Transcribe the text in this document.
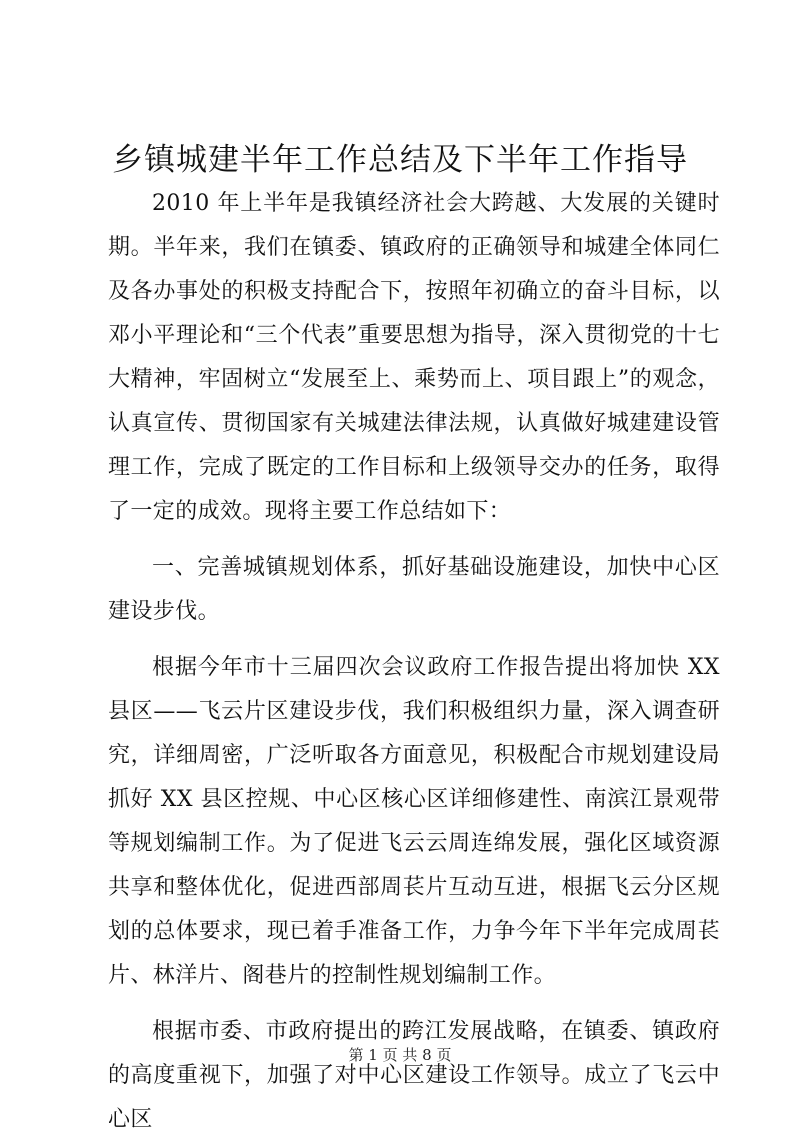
乡镇城建半年工作总结及下半年工作指导

2010 年上半年是我镇经济社会大跨越、大发展的关键时期。半年来，我们在镇委、镇政府的正确领导和城建全体同仁及各办事处的积极支持配合下，按照年初确立的奋斗目标，以邓小平理论和“三个代表”重要思想为指导，深入贯彻党的十七大精神，牢固树立“发展至上、乘势而上、项目跟上”的观念，认真宣传、贯彻国家有关城建法律法规，认真做好城建建设管理工作，完成了既定的工作目标和上级领导交办的任务，取得了一定的成效。现将主要工作总结如下：

一、完善城镇规划体系，抓好基础设施建设，加快中心区建设步伐。

根据今年市十三届四次会议政府工作报告提出将加快 XX 县区——飞云片区建设步伐，我们积极组织力量，深入调查研究，详细周密，广泛听取各方面意见，积极配合市规划建设局抓好 XX 县区控规、中心区核心区详细修建性、南滨江景观带等规划编制工作。为了促进飞云云周连绵发展，强化区域资源共享和整体优化，促进西部周苌片互动互进，根据飞云分区规划的总体要求，现已着手准备工作，力争今年下半年完成周苌片、林洋片、阁巷片的控制性规划编制工作。

根据市委、市政府提出的跨江发展战略，在镇委、镇政府的高度重视下，加强了对中心区建设工作领导。成立了飞云中心区

第 1 页 共 8 页
